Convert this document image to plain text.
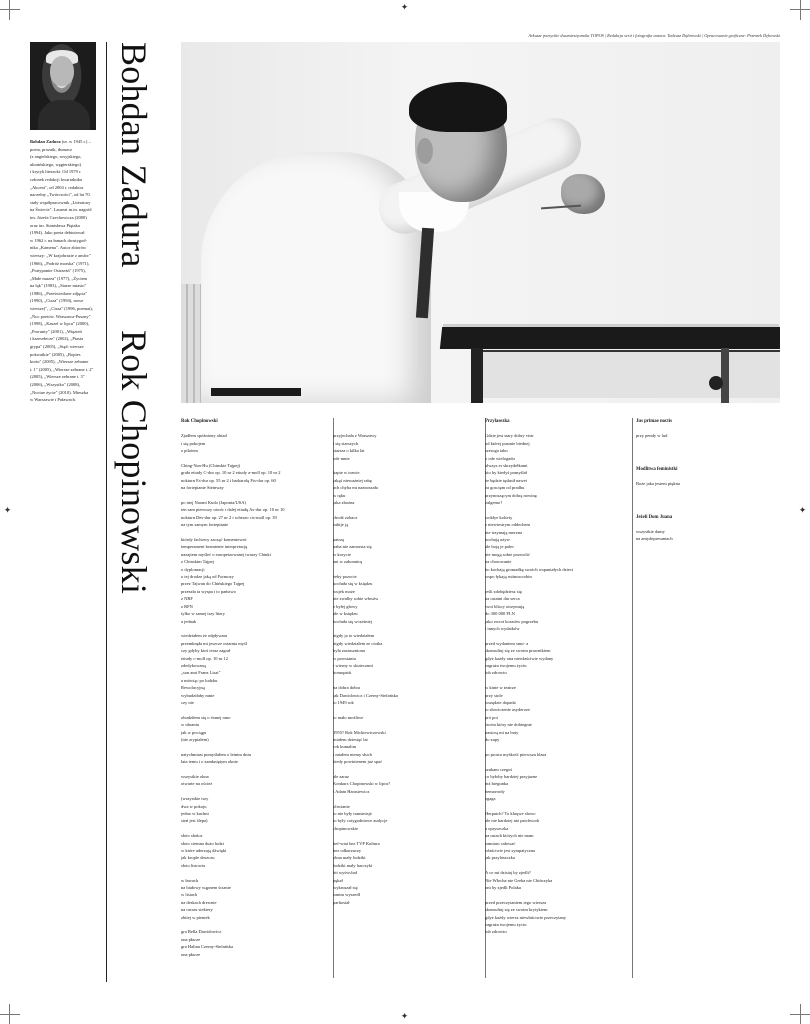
✦
✦
✦	✦
Arkusze poetyckie dwumiesięcznika TOPOS | Redakcja serii i fotografia autora: Tadeusz Dąbrowski | Opracowanie graficzne: Przemek Dębowski
Bohdan Zadura (ur. w 1945 r.) –
poeta, prozaik, tłumacz
(z angielskiego, rosyjskiego,
ukraińskiego, węgierskiego)
i krytyk literacki. Od 1979 r.
członek redakcji kwartalnika
„Akcent", od 2004 r. redaktor
naczelny „Twórczości", od lat 70.
stały współpracownik „Literatury
na Świecie". Laureat m.in. nagród
im. Józefa Czechowicza (2000)
oraz im. Stanisława Piętaka
(1994). Jako poeta debiutował
w 1962 r. na łamach dwutygod-
nika „Kamena". Autor zbiorów
wierszy: „W krajobrazie z amfor"
(1966), „Podróż morska" (1971),
„Pratypamie Ostrzeżń" (1975),
„Małe muzea" (1977), „Życiem
na łąk" (1983), „Starze miasto"
(1986), „Prześwietlone zdjęcia"
(1990), „Cisza" (1994), nowe
wiersze)", „Cisza" (1996, poemat),
„Noc poetów. Warszawa-Puszny"
(1998), „Kaszel w lipcu" (2000),
„Prorunty" (2001), „Więzień
i krzesełecze" (2002), „Ptasia
grypa" (2005), „Stąd: wiersze
pokwatkie" (2005), „Bopies
kortu" (2005), „Wiersze zebrane
t. 1" (2005), „Wiersze zebrane t. 2"
(2005), „Wiersze zebrane t. 3"
(2006), „Wszystko" (2008),
„Noctue życie" (2010). Mieszka
w Warszawie i Puławach.
Bohdan Zadura  Rok Chopinowski	Rok Chopinowski
Zjadłem spóźniony obiad
i się pokojem
z pilotem
Ching-Yun-Hu (Chinskie Tajpej)
grała etiudy C-dur op. 10 nr 2 etiudy a-moll op. 10 nr 2
nokturn Es-dur op. 55 nr 2 i barkarolę Fis-dur op. 60
na fortepianie Steinway
po niej Naomi Kudo (Japonia/USA)
ten sam pierwszy utwór i dalej etiudę As-dur op. 10 nr 10
nokturn Des-dur op. 27 nr 2 i scherzo cis-moll op. 39
na tym samym fortepianie
którdy fachowy zacząć komentować
temperament brzmienie interpretację
nazajtem myśleć o europeizowanej twarzy Chinki
z Chinskim Tajpej
o dyplomacji
o tej drodze jaką od Formozy
przez Tajwan do Chińskiego Tajpej
przeszła ta wyspa i to państwo
z NRF
z RFN
tylko w samej trzy litery
a jednak
wiedziałem że odpływam
przemknęła mi jeszcze ostatnia myśl
czy gdyby ktoś teraz zagrał
etiudy c-moll op. 10 nr 12
zdedykowaną
„son ami Franz Liszt"
a mówiąc po ludzku
Rewolucyjną
wybudziłaby mnie
czy nie
obudziłem się o ósmej rano
w ubraniu
jak w pociągu
(nie zrypiałem)
natychmiast pomyślałem o letnim dniu
lata temu i o zamkniętym oknie
wszystkie okna
otwarte na oścież
(wszystkie trzy
dwa w pokoju
jedno w kuchni
sień jest ślepa)
słoto słońca
słoto ciemna dużo ludzi
w które uderzają dźwięki
jak krople deszczu
słoto listowia
w ławach
na białowy wąpnem ścianie
w listach
na deskach drewnie
na ostrzu siekiery
zbitej w pieniek
gra Bella Dawidowicz
ona płacze
gra Halina Czerny-Stefańska
ona płacze
przyjechała z Warszawy
i się starszych
starsza o kilka lat
ode mnie
bapie w trawie
jakąś nieważniej rabę
ach chyba mi naznoszała
w ręku
jaka zbożna
chodź zobacz
zabije ją
patrzę
naba nie zamorsta się
w korycie
ani w zakonnicę
żeby pozocie
kochała się w księdzu
wujek może
nie zwalby sobie włosów
z byłej głowy
ale w księdzu
kochała się wcześniej
nigdy ja to wiedziałem
nigdy wiedziałem ze ciotka
była zastuszniona
w powstaniu
i wierny w skutecznoś
homopatii
na dobra dobra
jak Dawidowicz i Czerny-Stefańska
to 1949 rok
to mało możliwe
1955? Rok Mickiewiczowski
miałem dziesięć lat
rok kumalim
i miałem niemy słuch
kiedy powinienem już spać
ale zaraz
Konkurs Chopinowski w lipcu?
i Adam Harasiewicz
oliwianie
to nie były transmisje
to były cotygodniowe audycje
chopinowskie
bef-wiat bez TVP Kultura
bez odkurzaczy
okna mały ludziki
ludziki mały harczyki
hit wyśwchał
pękał
wykruszał się
zanim wyszedł
parhosiał
Przylasezka
Gdzie jest stary dobry visir
od której pustnie biednej
szeroga tabu
o ode wielogadu
always er skrzydełkami
kto by kiedyś pomyślał
że będzie tęsknił nawet
za goscięm od pradbu
przynoszącym dobrą nowinę
zalgemo?
wokłye kolorty
z niewiestrym oddechem
nie trzymają morzna
kochają używ
ale boją je palec
nie mogą sobie pozwolić
na chorowanie
bo kochają gromadkę swoich wspaniałych dzieci
wspo łykają rutinoscorbin
jeśli zdobędziesz się
na ostatni dar serca
twoi bliscy otrzymują
do 300 000 PLN
jako zwrot kosztów pogrzebu
i innych wydatków
przed wydaniem smu- a
skonsultuj się ze swoim prawnikiem
gdyż każdy ona niewłaściwie wydany
zagraża twojemu życiu
lub zdrowiu
w kinie w teatrze
przy stole
wszędzie dopada
to słowiczenie asyderoze
pró poi
faceta który nie dobiegnie
nasiorą mi na buty
do zupy
po prostu myśkość pierwsza klasa
szukam czegoś
co byłoby bardziej przyjazne
niż biegunka
bemorrody
zgaga
Herpatch? To kluqwe słowo
ale nie bardziej niż patchwork
a opryszczka
na ustach których nie mam
zamiaru całować
właściwie jest sympatyczna
jak przylaszczka
A co mi dzisiaj by zjedli?
Nie Włocha nie Greka nie Chińczyka
oni by zjedli Polaka
przed przeczytaniem tego wiersza
skonsultuj się ze swoim krytykiem
gdyż każdy wiersz niewłaściwie przeczytany
zagraża twojemu życiu
lub zdrowiu
Jus primae noctis
przy pendy w lud
Modlitwa feministki
Boże jaka jestem piękna
Jeżeli Dom Juana
wszystkie damy
na antydepresantach
